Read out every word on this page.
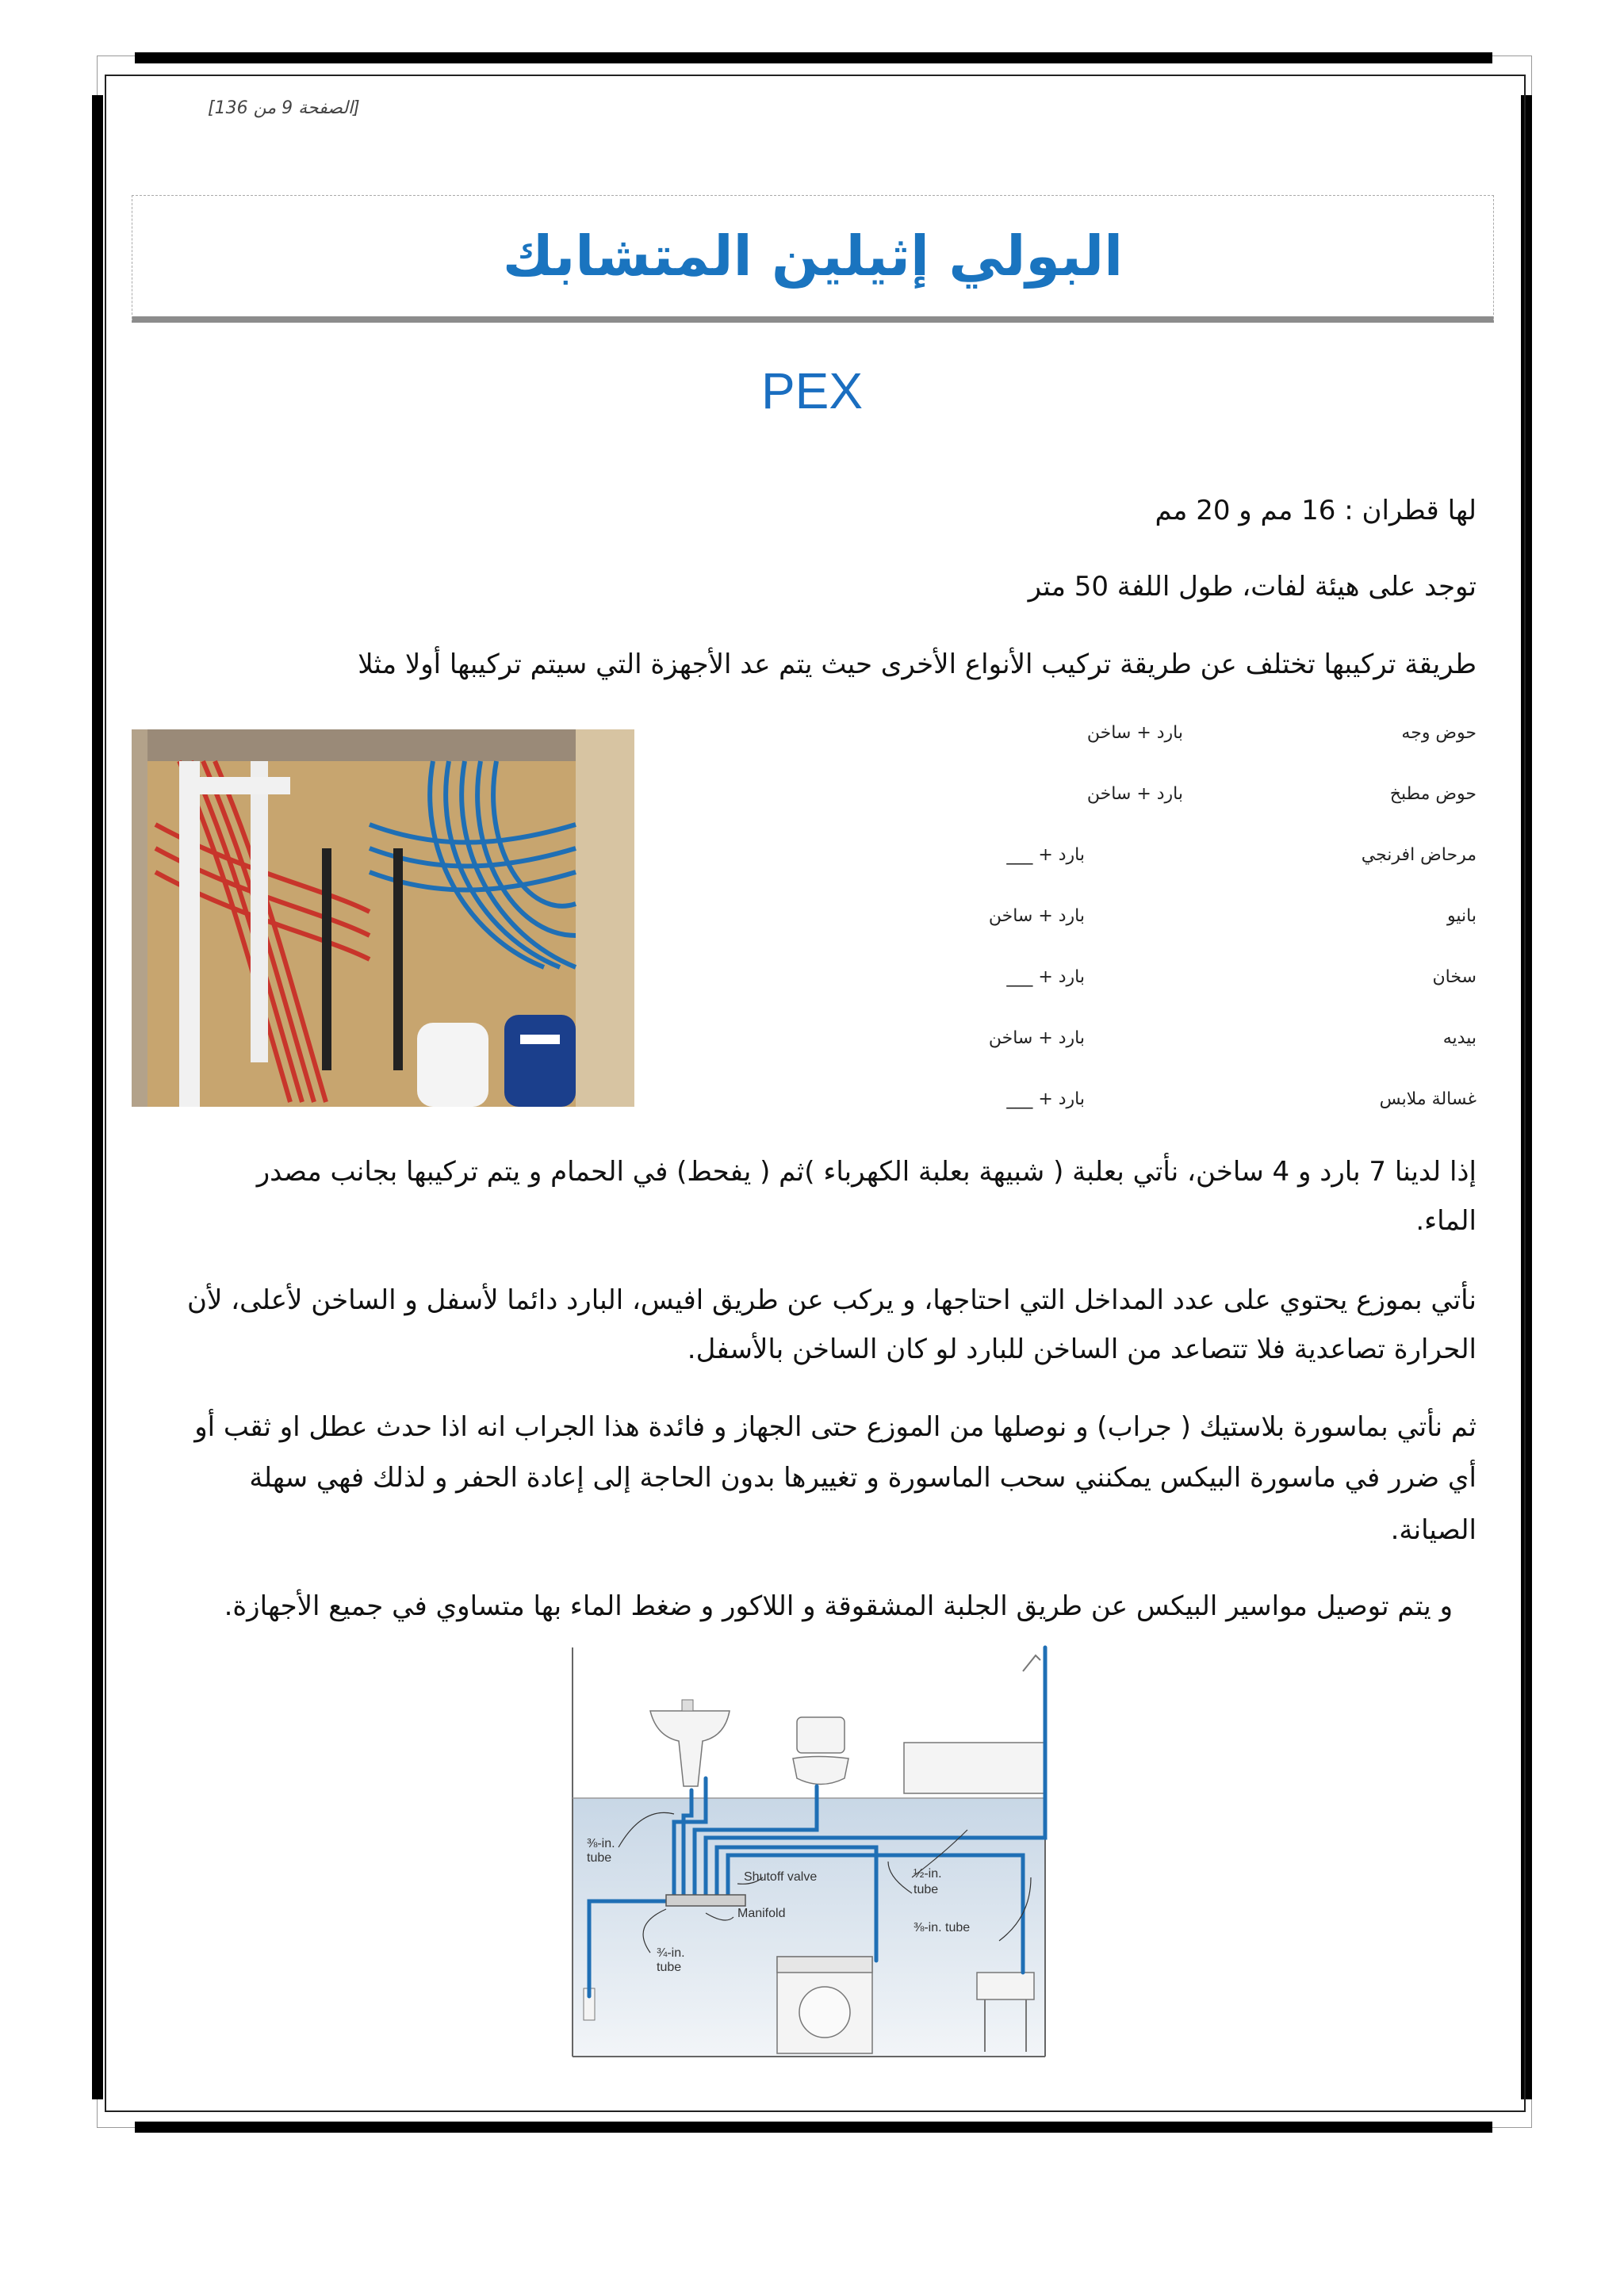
[الصفحة 9 من 136]
البولي إثيلين المتشابك
PEX
لها قطران : 16 مم و 20 مم
توجد على هيئة لفات، طول اللفة 50 متر
طريقة تركيبها تختلف عن طريقة تركيب الأنواع الأخرى حيث يتم عد الأجهزة التي سيتم تركيبها أولا مثلا
حوض وجه
بارد + ساخن
حوض مطبخ
بارد + ساخن
مرحاض افرنجي
بارد + ___
بانيو
بارد + ساخن
سخان
بارد + ___
بيديه
بارد + ساخن
غسالة ملابس
بارد + ___
إذا لدينا 7 بارد و 4 ساخن، نأتي بعلبة ( شبيهة بعلبة الكهرباء )ثم ( يفحط) في الحمام و يتم تركيبها بجانب مصدر
الماء.
نأتي بموزع يحتوي على عدد المداخل التي احتاجها، و يركب عن طريق افيس، البارد دائما لأسفل و الساخن لأعلى، لأن
الحرارة تصاعدية فلا تتصاعد من الساخن للبارد لو كان الساخن بالأسفل.
ثم نأتي بماسورة بلاستيك ( جراب) و نوصلها من الموزع حتى الجهاز و فائدة هذا الجراب انه اذا حدث عطل او ثقب أو
أي ضرر في ماسورة البيكس يمكنني سحب الماسورة و تغييرها بدون الحاجة إلى إعادة الحفر و لذلك فهي سهلة
الصيانة.
و يتم توصيل مواسير البيكس عن طريق الجلبة المشقوقة و اللاكور و ضغط الماء بها متساوي في جميع الأجهازة.
⅜-in.
tube
Shutoff valve
Manifold
¾-in.
tube
½-in.
tube
⅜-in. tube
